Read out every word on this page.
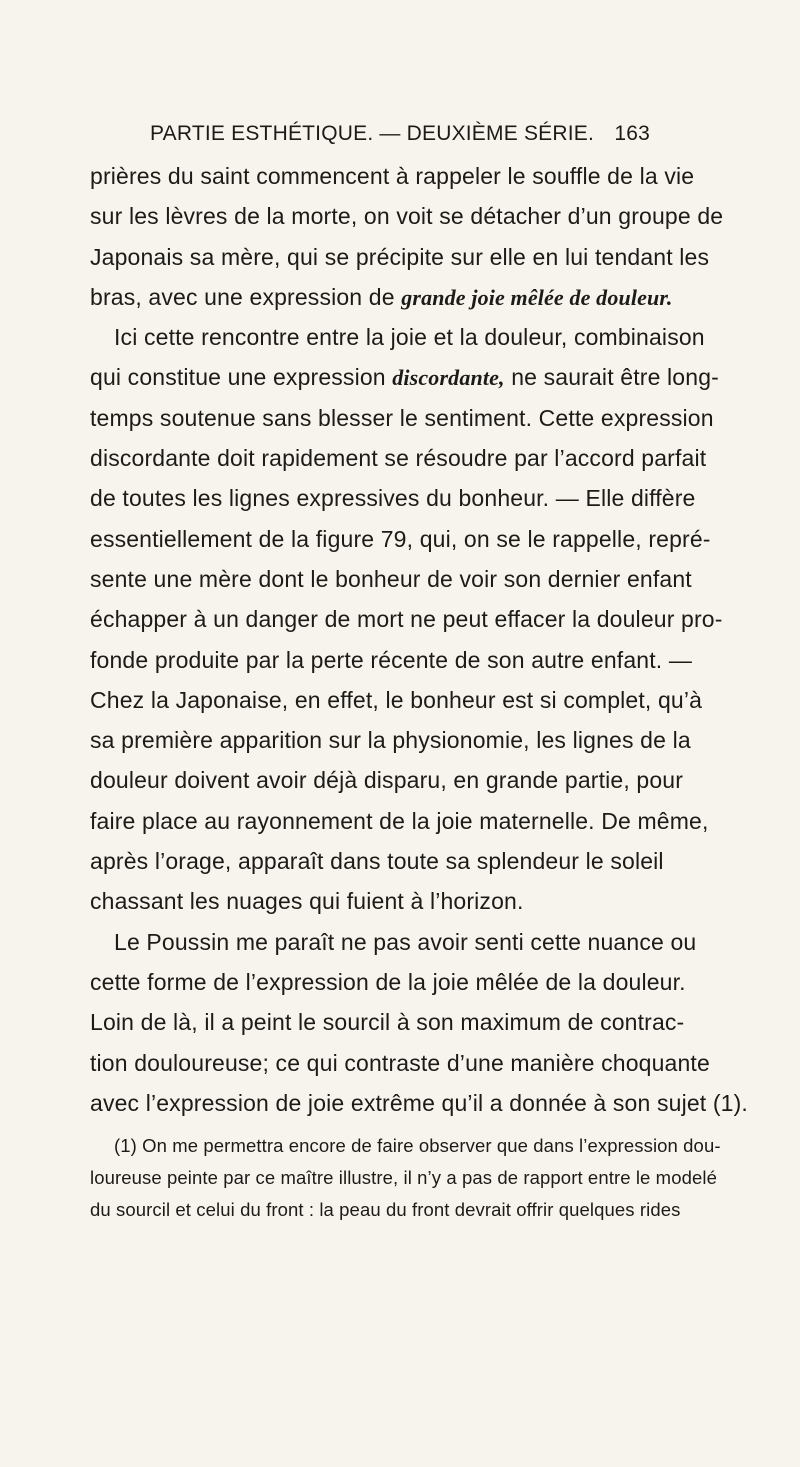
PARTIE ESTHÉTIQUE. — DEUXIÈME SÉRIE. 163
prières du saint commencent à rappeler le souffle de la vie
sur les lèvres de la morte, on voit se détacher d’un groupe de
Japonais sa mère, qui se précipite sur elle en lui tendant les
bras, avec une expression de grande joie mêlée de douleur.
Ici cette rencontre entre la joie et la douleur, combinaison
qui constitue une expression discordante, ne saurait être long-
temps soutenue sans blesser le sentiment. Cette expression
discordante doit rapidement se résoudre par l’accord parfait
de toutes les lignes expressives du bonheur. — Elle diffère
essentiellement de la figure 79, qui, on se le rappelle, repré-
sente une mère dont le bonheur de voir son dernier enfant
échapper à un danger de mort ne peut effacer la douleur pro-
fonde produite par la perte récente de son autre enfant. —
Chez la Japonaise, en effet, le bonheur est si complet, qu’à
sa première apparition sur la physionomie, les lignes de la
douleur doivent avoir déjà disparu, en grande partie, pour
faire place au rayonnement de la joie maternelle. De même,
après l’orage, apparaît dans toute sa splendeur le soleil
chassant les nuages qui fuient à l’horizon.
Le Poussin me paraît ne pas avoir senti cette nuance ou
cette forme de l’expression de la joie mêlée de la douleur.
Loin de là, il a peint le sourcil à son maximum de contrac-
tion douloureuse; ce qui contraste d’une manière choquante
avec l’expression de joie extrême qu’il a donnée à son sujet (1).
(1) On me permettra encore de faire observer que dans l’expression dou-
loureuse peinte par ce maître illustre, il n’y a pas de rapport entre le modelé
du sourcil et celui du front : la peau du front devrait offrir quelques rides
